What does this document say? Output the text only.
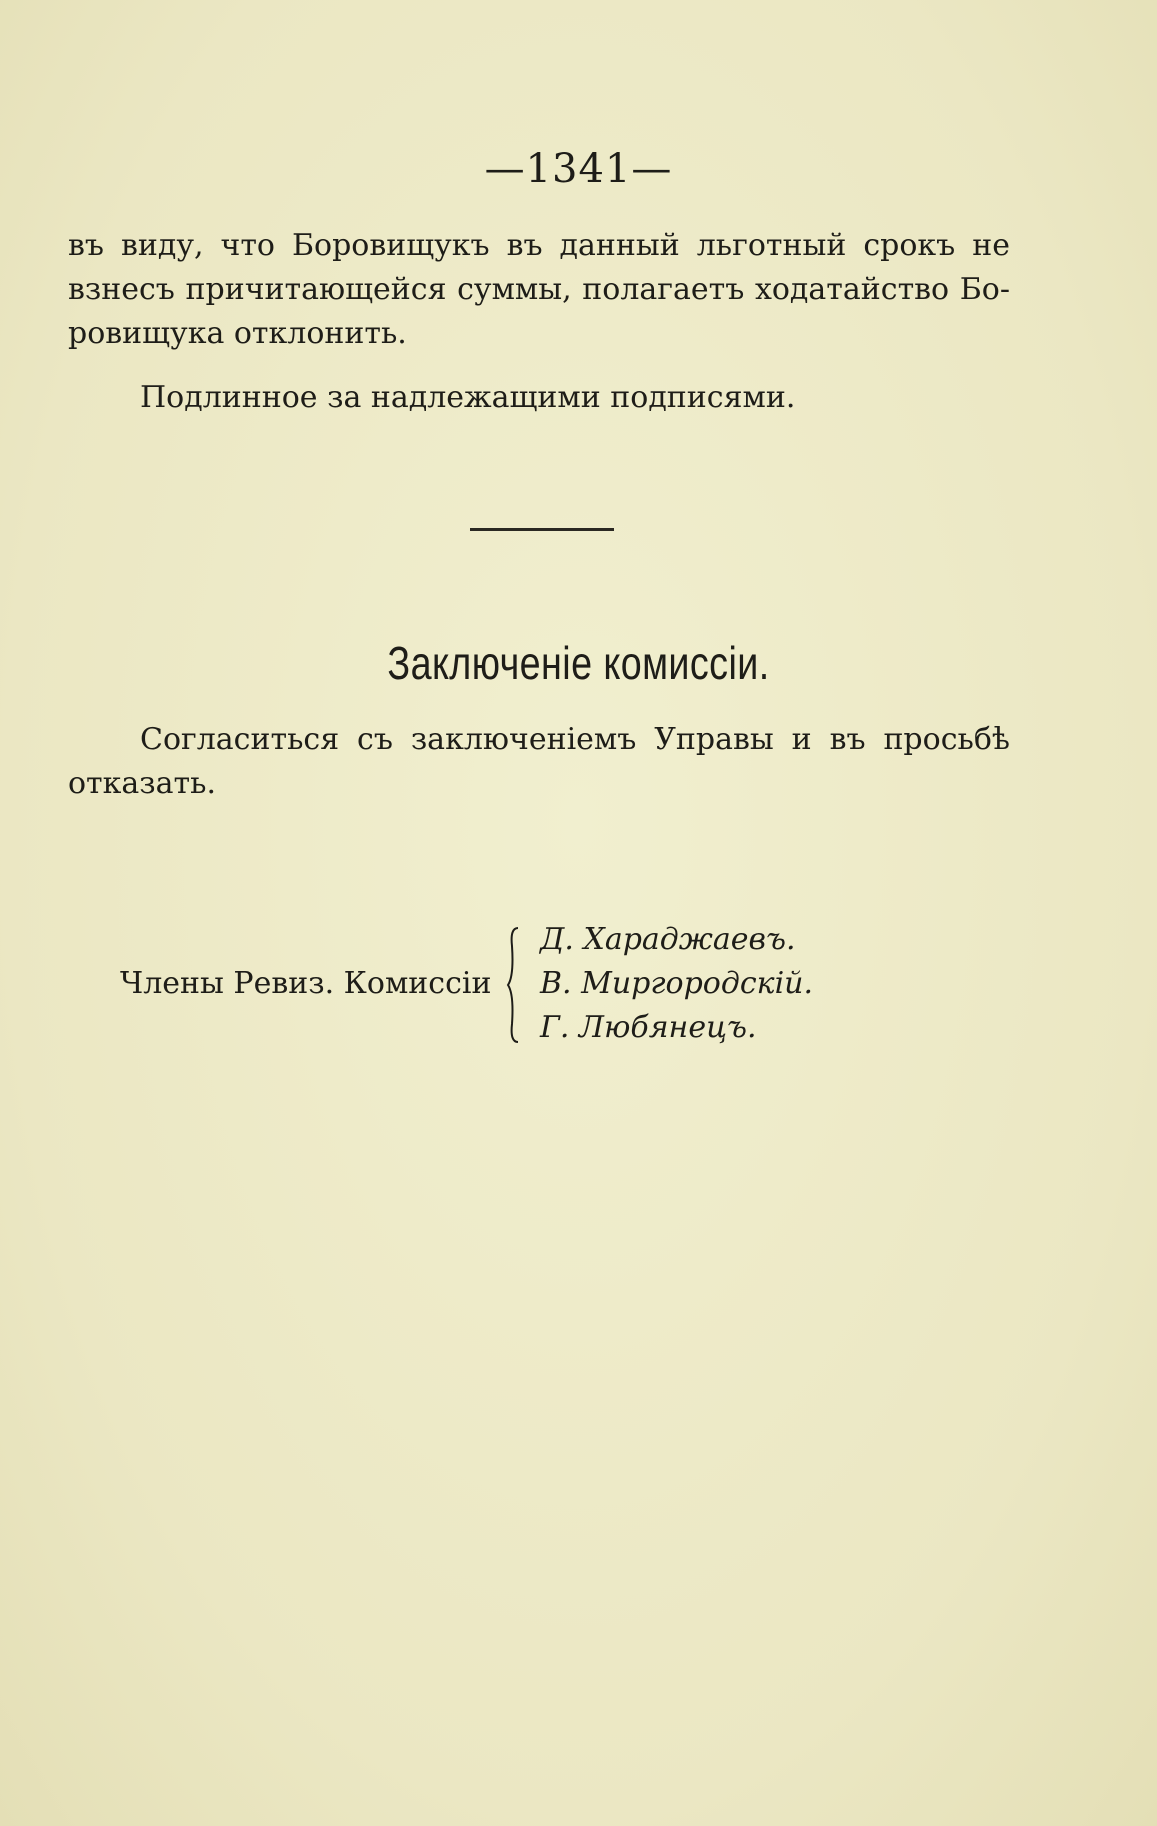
—1341—

въ виду, что Боровищукъ въ данный льготный срокъ не
взнесъ причитающейся суммы, полагаетъ ходатайство Бо-
ровищука отклонить.

Подлинное за надлежащими подписями.

Заключеніе комиссіи.

Согласиться съ заключеніемъ Управы и въ просьбѣ
отказать.

Члены Ревиз. Комиссіи
Д. Хараджаевъ.
В. Миргородскій.
Г. Любянецъ.
